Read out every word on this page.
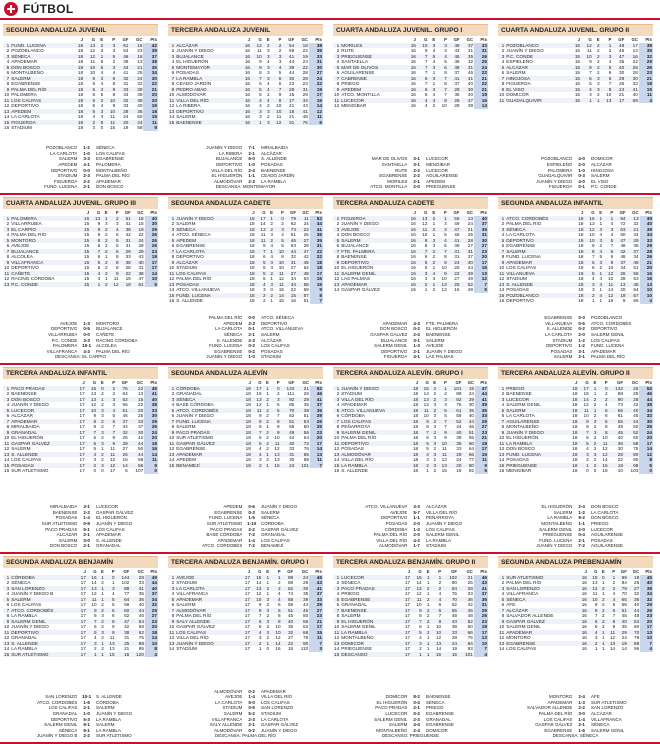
FÚTBOL
SEGUNDA ANDALUZA JUVENIL
		J	G	E	P	GF	GC	Pts
1	FUND. LUCENA	18	13	2	3	61	16	42
2	POZOBLANCO	18	12	3	3	54	23	39
3	SÉNECA	18	12	1	5	46	16	37
4	APADEMAR	18	11	5	2	39	13	38
5	DON BOSCO	18	10	5	3	44	21	35
6	MONTALBEÑO	18	10	4	4	41	25	34
7	SALERM	18	9	3	6	32	24	30
8	EGABRENSE	18	6	4	8	31	32	22
9	PALMA DEL RÍO	18	6	3	9	33	39	21
10	PALOMERA	18	5	5	8	34	39	20
11	LOS CALIFAS	18	6	2	10	32	48	20
12	DEPORTIVO	18	5	4	9	33	40	19
13	APEDEM	18	5	3	10	28	36	18
14	LA CARLOTA	18	4	3	11	24	50	15
15	FIGUEROA	18	2	5	11	20	44	11
16	STADIUM	18	3	0	15	19	58	9
POZOBLANCO	1-2	SÉNECA
LA CARLOTA	1-0	LOS CALIFAS
SALERM	3-3	EGABRENSE
APEDEM	4-1	PALOMERA
DEPORTIVO	0-0	MONTALBEÑO
STADIUM	2-3	PALMA DEL RÍO
FIGUEROA	2-2	APADEMAR
FUND. LUCENA	2-1	DON BOSCO
TERCERA ANDALUZA JUVENIL
		J	G	E	P	GF	GC	Pts
1	ALCÁZAR	16	12	2	2	54	18	38
2	JUANÍN Y DIEGO	16	11	3	2	59	22	36
3	BUJALANCE	16	10	3	3	41	19	33
4	EL HIGUERÓN	16	9	4	3	44	23	31
5	MONTEMAYOR	16	9	3	4	39	22	30
6	POSADAS	16	8	3	5	44	28	27
7	LA RAMBLA	16	7	3	6	30	28	24
8	CEADO JARDÍN	16	6	4	6	23	23	22
9	PEDRO ABAD	16	5	4	7	28	31	19
10	ALMODÓVAR	16	5	2	9	15	29	17
11	VILLA DEL RÍO	16	4	4	8	17	34	16
12	LA RIBERA	16	4	2	10	21	43	14
13	DEPORTIVO	16	3	3	10	18	41	12
14	SALERM	16	3	2	11	21	48	11
15	BAENENSE	16	1	3	12	31	76	6
JUANÍN Y DIEGO	7-1	MIRALBAIDA
LA RIBERA	2-1	ALCÁZAR
BUJALANCE	6-0	S. ALLENDE
DEPORTIVO	1-0	POSADAS
VILLA DEL RÍO	2-4	BAENENSE
EL HIGUERÓN	1-1	CEADO JARDÍN
ALMODÓVAR	2-3	LA RAMBLA
DESCANSA: MONTEMAYOR
CUARTA ANDALUZA JUVENIL. GRUPO I
		J	G	E	P	GF	GC	Pts
1	MORILES	16	10	3	3	49	37	33
2	RUTE	16	9	4	3	43	31	31
3	PRIEGUENSE	16	7	5	4	45	35	26
4	SANTAELLA	16	7	4	5	38	32	25
5	MAR DE OLIVOS	16	7	3	6	38	31	24
6	AGUILARENSE	16	7	1	8	37	46	22
7	CABRENSE	16	6	3	7	41	41	21
8	PRIEGO	16	7	1	8	37	40	22
9	APEDEM	16	6	3	7	29	30	21
10	ATCO. MONTILLA	16	5	4	7	36	40	19
11	LUCECOR	16	4	4	8	26	47	16
12	MENGÍBAR	16	4	2	10	28	39	14
MAR DE OLIVOS	3-1	LUCECOR
SANTAELLA	3-1	MENGÍBAR
RUTE	2-2	LUCECOR
EGABRENSE	2-2	AGUILARENSE
MORILES	2-1	APEDEM
ATCO. MONTILLA	2-0	PRIEGUENSE
CUARTA ANDALUZA JUVENIL. GRUPO II
		J	G	E	P	GF	GC	Pts
1	POZOBLANCO	15	12	2	1	48	17	38
2	JUANÍN Y DIEGO	15	11	2	2	45	13	35
3	P.C. CONDE	15	10	2	3	47	16	32
4	ESPIELEÑO	15	9	2	4	36	22	29
5	ALCÁZAR	15	8	2	5	40	28	26
6	SALERM	15	7	2	6	30	28	23
7	HINOJOSA	15	6	3	6	29	30	21
8	FIGUEROA	15	5	3	7	26	33	18
9	EL VISO	15	4	3	8	24	41	15
10	DOMICOR	15	3	2	10	21	40	11
11	GUADALQUIVIR	15	1	1	13	17	69	4
POZOBLANCO	4-0	DOMICOR
ESPIELEÑO	2-0	ALCÁZAR
PALOMERA	1-0	HINOJOSA
GUADALQUIVIR	0-3	SALERM
JUANÍN Y DIEGO	4-0	EL VISO
FIGUEROA	0-1	P.C. CONDE
CUARTA ANDALUZA JUVENIL. GRUPO III
		J	G	E	P	GF	GC	Pts
1	PALOMERA	16	13	1	2	51	18	40
2	VILLARRUBIA	15	9	3	3	41	15	30
3	EL CARPIO	15	9	2	4	38	19	29
4	PALMA DEL RÍO	15	8	2	5	42	22	26
5	MONTORO	15	8	2	5	31	24	26
6	AVEJOE	15	8	2	5	31	28	26
7	BUJALANCE	15	7	2	6	29	29	23
8	ALCOLEA	15	6	1	8	33	43	19
9	VILLAFRANCA	15	5	2	8	38	40	17
10	DEPORTIVO	15	5	2	8	28	31	17
11	CAÑETE	15	4	2	9	22	38	14
12	RACING CÓRDOBA	15	3	1	11	19	47	10
13	P.C. CONDE	15	1	2	12	19	61	5
AVEJOE	1-3	MONTORO
DEPORTIVO	0-5	BUJALANCE
VILLARRUBIA	0-0	CAÑETE
P.C. CONDE	3-3	RACING CÓRDOBA
PALOMERA	10-1	ALCOLEA
VILLAFRANCA	4-3	PALMA DEL RÍO
DESCANSA: EL CARPIO
SEGUNDA ANDALUZA CADETE
		J	G	E	P	GF	GC	Pts
1	JUANÍN Y DIEGO	18	17	1	0	79	11	52
2	SALERM	18	14	2	2	62	24	44
3	SÉNECA	18	13	2	3	73	23	41
4	ATCO. SÉNECA	18	11	3	4	51	26	36
5	APEDEM	18	11	2	5	46	27	35
6	EGABRENSE	18	9	4	5	53	28	31
7	LA CARLOTA	18	7	1	10	44	47	22
8	DEPORTIVO	18	6	4	8	32	42	22
9	ALCÁZAR	18	5	3	10	31	45	18
10	STADIUM	18	5	3	10	27	54	18
11	LOS CALIFAS	18	5	2	11	27	48	17
12	PALMA DEL RÍO	18	5	1	12	34	63	16
13	POSADAS	18	4	3	11	34	58	15
14	ATCO. VILLANUEVA	18	3	0	15	22	69	9
15	FUND. LUCENA	18	2	2	14	15	57	8
16	S. ALLENDE	18	2	1	15	16	61	7
PALMA DEL RÍO	0-0	ATCO. SÉNECA
APEDEM	2-3	DEPORTIVO
LA CARLOTA	0-1	ATCO. VILLANUEVA
SÉNECA	2-1	SALERM
S. ALLENDE	2-3	ALCÁZAR
FUND. LUCENA	0-2	LOS CALIFAS
EGABRENSE	0-2	POSADAS
JUANÍN Y DIEGO	1-0	STADIUM
TERCERA ANDALUZA CADETE
		J	G	E	P	GF	GC	Pts
1	FIGUEROA	16	13	2	1	55	13	40
2	JUANÍN Y DIEGO	16	12	1	3	49	24	37
3	AVEJOE	16	11	2	3	47	21	35
4	DON BOSCO	16	10	1	5	45	25	31
5	SALERM	16	9	3	4	41	28	30
6	BUJALANCE	16	8	3	5	39	27	27
7	FTE. PALMERA	16	7	2	7	31	31	23
8	BAENENSE	16	6	2	8	31	37	20
9	DEPORTIVO	16	5	2	9	24	40	17
10	EL HIGUERÓN	16	5	1	10	26	44	16
11	SALERM GENIL	16	3	4	9	22	39	13
12	LAS PALMAS	16	3	3	10	27	49	12
13	APADEMAR	16	2	1	13	25	52	7
14	GASPAR GÁLVEZ	16	1	2	13	16	49	5
APADEMAR	4-3	FTE. PALMERA
DON BOSCO	0-2	EL HIGUERÓN
GASPAR GÁLVEZ	2-4	BAENENSE
BUJALANCE	3-1	SALERM
SALERM GENIL	1-3	AVEJOE
DEPORTIVO	2-1	JUANÍN Y DIEGO
FIGUEROA	4-1	LAS PALMAS
SEGUNDA ANDALUZA INFANTIL
		J	G	E	P	GF	GC	Pts
1	ATCO. CORDOBÉS	18	16	1	1	84	13	49
2	PALMA DEL RÍO	18	13	1	4	72	32	40
3	SÉNECA	18	12	3	3	63	21	39
4	LA CARLOTA	18	10	4	4	50	34	34
5	DEPORTIVO	18	10	3	5	47	29	33
6	EGABRENSE	18	9	2	7	48	38	29
7	SALERM	18	8	4	6	42	37	28
8	FUND. LUCENA	18	7	5	6	48	34	26
9	APADEMAR	18	6	3	9	37	48	21
10	LOS CALIFAS	18	6	2	10	34	51	20
11	VILLANUEVA	18	5	1	12	26	56	16
12	STADIUM	18	4	4	10	28	53	16
13	S. ALLENDE	18	3	4	11	13	45	13
14	POSADAS	18	3	1	14	20	64	10
15	POZOBLANCO	18	2	4	12	18	57	10
16	DEPORTIVO	18	1	1	16	8	66	4
EGABRENSE	0-3	POZOBLANCO
VILLANUEVA	0-5	ATCO. CORDOBÉS
S. ALLENDE	0-2	DEPORTIVO
LA CARLOTA	2-0	SALERM GENIL
STADIUM	1-2	LOS CALIFAS
DEPORTIVO	1-2	FUND. LUCENA
POSADAS	3-1	APADEMAR
SALERM	2-1	PALMA DEL RÍO
TERCERA ANDALUZA INFANTIL
		J	G	E	P	GF	GC	Pts
1	PACO PRADAS	17	15	0	2	76	22	45
2	BAENENSE	17	13	2	2	64	13	41
3	DON BOSCO	17	13	1	3	62	15	40
4	JUANÍN Y DIEGO	17	12	2	3	55	22	38
5	LUCECOR	17	10	3	4	51	20	33
6	ALCÁZAR	17	9	3	5	46	25	30
7	APADEMAR	17	9	2	6	37	33	29
8	MIRALBAIDA	17	8	2	7	34	37	26
9	GRANADAL	17	7	3	7	32	30	24
10	EL HIGUERÓN	17	6	2	9	26	42	20
11	GASPAR GÁLVEZ	17	5	3	9	28	44	18
12	SALERM	17	5	1	11	27	50	16
13	S. ALLENDE	17	4	2	11	26	44	14
14	LOS CALIFAS	17	3	2	12	16	58	11
15	POSADAS	17	2	3	12	14	56	9
16	SUR ATLETISMO	17	0	0	17	6	107	0
MIRALBAIDA	3-1	LUCECOR
BAENENSE	2-2	GASPAR GÁLVEZ
POSADAS	1-4	EL HIGUERÓN
SUR ATLETISMO	0-9	JUANÍN Y DIEGO
PACO PRADAS	5-1	LOS CALIFAS
ALCÁZAR	2-1	APADEMAR
SALERM	3-0	S. ALLENDE
DON BOSCO	2-1	GRANADAL
SEGUNDA ANDALUZA ALEVÍN
		J	G	E	P	GF	GC	Pts
1	CÓRDOBA	18	17	1	0	133	21	52
2	GRANADAL	18	15	1	2	111	26	46
3	SÉNECA	18	13	2	3	92	29	41
4	BASE CÓRDOBA	18	12	1	5	85	35	37
5	ATCO. CORDOBÉS	18	11	2	5	70	38	35
6	JUANÍN Y DIEGO	18	9	2	7	62	51	29
7	FUND. LUCENA	18	8	2	8	51	53	26
8	SALERM	18	8	1	9	55	60	25
9	PACO PRADAS	18	7	2	9	49	56	23
10	SUR ATLETISMO	18	6	2	10	44	64	20
11	GASPAR GÁLVEZ	18	5	2	11	40	72	17
12	EGABRENSE	18	4	2	12	33	76	14
13	APADEMAR	18	4	1	13	31	85	13
14	APEDEM	18	3	2	13	30	89	11
15	BENAMEJÍ	18	2	1	15	24	101	7
APEDEM	0-6	JUANÍN Y DIEGO
EGABRENSE	0-3	SALERM
FUND. LUCENA	1-5	SÉNECA
SUR ATLETISMO	1-10	CÓRDOBA
PACO PRADAS	2-2	GASPAR GÁLVEZ
BASE CÓRDOBA	7-2	GRANADAL
APADEMAR	1-4	LOS CALIFAS
ATCO. CORDOBÉS	7-2	BENAMEJÍ
TERCERA ANDALUZA ALEVÍN. GRUPO I
		J	G	E	P	GF	GC	Pts
1	JUANÍN Y DIEGO	18	15	2	1	101	19	47
2	STADIUM	18	14	2	2	88	24	44
3	VILLA DEL RÍO	18	13	2	3	82	29	41
4	APADEMAR	18	12	3	3	75	30	39
5	ATCO. VILLANUEVA	18	11	2	5	61	35	35
6	CÓRDOBA	18	10	3	5	58	40	33
7	LOS CALIFAS	18	9	2	7	52	44	29
8	PEÑARROYA	18	8	3	7	44	46	27
9	SALERM GENIL	18	7	2	9	40	51	23
10	PALMA DEL RÍO	18	6	3	9	38	55	21
11	DEPORTIVO	18	5	3	10	35	60	18
12	POSADAS	18	5	2	11	33	64	17
13	ALMODÓVAR	18	4	3	11	29	66	15
14	VILLA DEL RÍO	18	3	2	13	24	77	11
15	LA RAMBLA	18	2	3	13	20	80	9
16	S. ALLENDE	18	1	2	15	18	92	5
ATCO. VILLANUEVA	3-3	ALCÁZAR
AVEJOE	5-7	VILLA DEL RÍO
DEPORTIVO	1-1	PEÑARROYA
POSADAS	2-0	JUANÍN Y DIEGO
CÓRDOBA	1-3	LOS CALIFAS
PALMA DEL RÍO	2-0	SALERM GENIL
VILLA DEL RÍO	4-2	LA RAMBLA
ALMODÓVAR	1-7	STADIUM
TERCERA ANDALUZA ALEVÍN. GRUPO II
		J	G	E	P	GF	GC	Pts
1	PRIEGO	18	17	1	0	132	26	52
2	BAENENSE	18	15	1	2	98	25	46
3	LUCECOR	18	14	2	2	90	28	44
4	SALERM GENIL	18	12	2	4	73	32	38
5	SALERM	18	11	1	6	66	40	34
6	LA CARLOTA	18	10	2	6	61	45	32
7	AGUILARENSE	18	9	3	6	55	44	30
8	MONTALBEÑO	18	8	2	8	48	50	26
9	JUANÍN Y DIEGO	18	7	3	8	45	52	24
10	EL HIGUERÓN	18	6	2	10	40	60	20
11	LA RAMBLA	18	5	2	11	36	68	17
12	DON BOSCO	18	4	2	12	30	75	14
13	FUND. LUCENA	18	3	3	12	28	80	12
14	POSADAS	18	2	2	14	22	90	8
15	PRIEGUENSE	18	1	2	15	18	98	5
16	MENGÍBAR	18	0	0	18	10	103	0
EL HIGUERÓN	2-4	DON BOSCO
SALERM	1-2	LA CARLOTA
LA RAMBLA	9-2	DON BOSCO
MONTALBEÑO	1-1	PRIEGO
SALERM GENIL	2-0	LUCECOR
PRIEGUENSE	0-4	AGUILARENSE
FUND. LUCENA	2-1	POSADAS
JUANÍN Y DIEGO	7-2	AGUILARENSE
SEGUNDA ANDALUZA BENJAMÍN
		J	G	E	P	GF	GC	Pts
1	CÓRDOBA	17	16	1	0	144	28	49
2	SÉNECA	17	14	2	1	102	33	44
3	SAN LORENZO	17	13	1	3	88	31	40
4	JUANÍN Y DIEGO B	17	12	1	4	77	35	37
5	SALERM	17	11	1	5	64	36	34
6	LOS CALIFAS	17	10	2	5	59	40	32
7	ATCO. CORDOBÉS	17	9	2	6	60	44	29
8	LA RAMBLA	17	8	3	6	52	45	27
9	SALERM GENIL	17	7	2	8	47	54	23
10	JUANÍN Y DIEGO	17	6	2	9	42	58	20
11	DEPORTIVO	17	5	3	9	38	62	18
12	GRANADAL	17	4	2	11	31	75	14
13	S. ALLENDE	17	3	1	13	25	88	10
14	LA RAMBLA	17	2	2	13	21	95	8
15	SUR ATLETISMO	17	1	1	15	15	120	4
SAN LORENZO	10-1	S. ALLENDE
ATCO. CORDOBÉS	1-6	CÓRDOBA
LOS CALIFAS	2-1	SALERM
GRANADAL	1-0	JUANÍN Y DIEGO
DEPORTIVO	5-3	LA RAMBLA
SALERM GENIL	9-1	SALERM
SÉNECA	9-1	LA RAMBLA
JUANÍN Y DIEGO B	2-2	SUR ATLETISMO
TERCERA ANDALUZA BENJAMÍN. GRUPO I
		J	G	E	P	GF	GC	Pts
1	AVEJOE	17	15	1	1	98	24	46
2	STADIUM	17	14	1	2	88	28	43
3	LA CARLOTA	17	13	2	2	82	30	41
4	VILLAFRANCA	17	12	1	4	74	35	37
5	APADEMAR	17	10	3	4	68	39	33
6	SALERM	17	9	2	6	59	44	29
7	ALMODÓVAR	17	8	3	6	51	46	27
8	PALMA DEL RÍO	17	7	2	8	45	50	23
9	SALY ALLENDE	17	6	3	8	40	55	21
10	GASPAR GÁLVEZ	17	5	2	10	36	62	17
11	LOS CALIFAS	17	4	3	10	32	66	15
12	VILLA DEL RÍO	17	3	2	12	27	78	11
13	JUANÍN Y DIEGO	17	2	1	14	22	90	7
14	STADIUM	17	1	0	16	15	110	3
ALMODÓVAR	0-2	APADEMAR
AVEJOE	1-4	VILLA DEL RÍO
LA CARLOTA	5-0	LOS CALIFAS
STADIUM	0-5	SAN LORENZO
SALERM	5-2	STADIUM
VILLAFRANCA	2-3	LA CARLOTA
SALY ALLENDE	2-1	GASPAR GÁLVEZ
ALMODÓVAR	0-2	JUANÍN Y DIEGO
DESCANSA: PALMA DEL RÍO
TERCERA ANDALUZA BENJAMÍN. GRUPO II
		J	G	E	P	GF	GC	Pts
1	LUCECOR	17	15	1	1	102	21	46
2	SÉNECA	17	14	1	2	90	25	43
3	PACO PRADAS	17	13	2	2	84	28	41
4	PRIEGO	17	12	1	4	76	33	37
5	EGABRENSE	17	11	2	4	70	36	35
6	GRANADAL	17	10	1	6	62	42	31
7	BAENENSE	17	9	2	6	55	45	29
8	SALERM	17	8	2	7	48	48	26
9	EL HIGUERÓN	17	7	2	8	43	52	23
10	SALERM GENIL	17	6	1	10	38	60	19
11	LA RAMBLA	17	5	2	10	33	66	17
12	MONTALBEÑO	17	4	1	12	28	75	13
13	DOMICOR	17	3	1	13	24	84	10
14	PRIEGUENSE	17	2	1	14	19	93	7
15	DESCANSO	17	1	1	15	15	101	4
DOMICOR	8-2	BAENENSE
EL HIGUERÓN	0-4	SÉNECA
PACO PRADAS	2-1	PRIEGO
LUCECOR	0-2	EGABRENSE
SALERM GENIL	2-3	GRANADAL
SALERM	4-4	EGABRENSE
MONTALBEÑO	2-4	DOMICOR
DESCANSO: PRIEGUENSE
SEGUNDA ANDALUZA PREBENJAMÍN
		J	G	E	P	GF	GC	Pts
1	SUR ATLETISMO	16	15	0	1	99	18	45
2	PALMA DEL RÍO	16	13	1	2	84	25	40
3	SAN LORENZO	16	12	2	2	79	27	38
4	VILLAFRANCA	16	11	1	4	70	32	34
5	SÉNECA	16	10	2	4	65	36	32
6	AFE	16	9	2	5	58	40	29
7	ALCÁZAR	16	8	2	6	51	44	26
8	SALVADOR ALLENDE	16	7	2	7	45	48	23
9	GASPAR GÁLVEZ	16	6	2	8	40	53	20
10	SALERM GENIL	16	5	2	9	35	60	17
11	APADEMAR	16	4	1	11	29	70	13
12	MONTORO	16	3	1	12	24	78	10
13	EGABRENSE	16	2	1	13	19	88	7
14	LOS CALIFAS	16	1	1	14	14	96	4
MONTORO	2-4	AFE
APADEMAR	1-3	SUR ATLETISMO
SALVADOR ALLENDE	2-2	SAN LORENZO
PALMA DEL RÍO	3-0	ALCÁZAR
LOS CALIFAS	1-4	VILLAFRANCA
GASPAR GÁLVEZ	2-1	SÉNECA
EGABRENSE	1-5	SALERM GENIL
DESCANSA: SÉNECA
